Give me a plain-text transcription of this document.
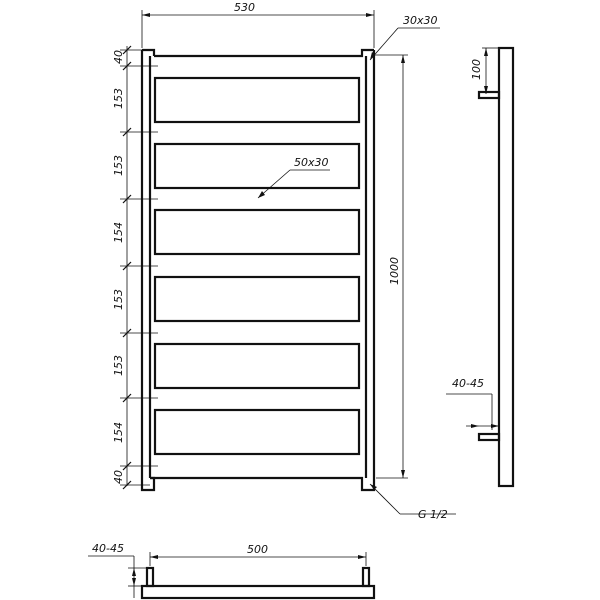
530
30x30
50x30
1000
G 1/2
40
153
153
154
153
153
154
40
100
40-45
500
40-45
